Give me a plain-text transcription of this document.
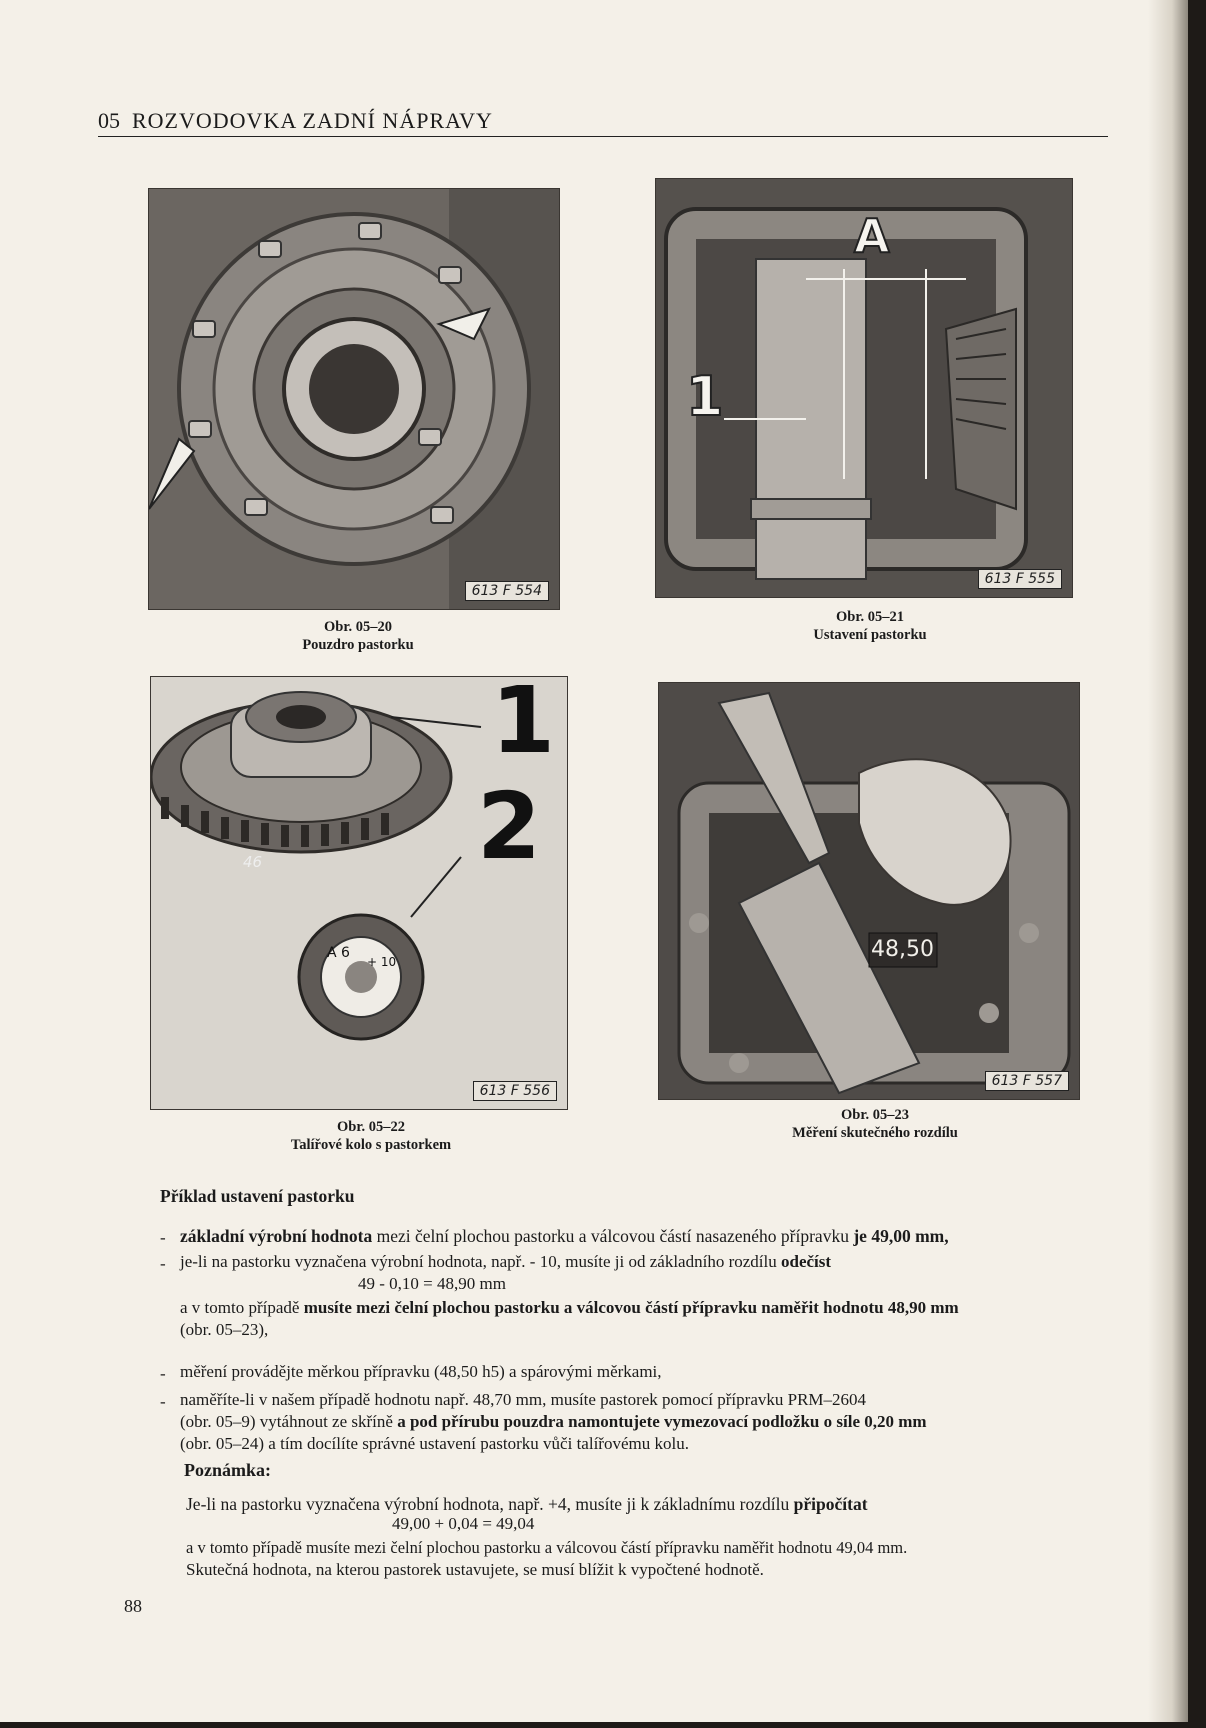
05 ROZVODOVKA ZADNÍ NÁPRAVY
613 F 554
Obr. 05–20
Pouzdro pastorku
A
1
613 F 555
Obr. 05–21
Ustavení pastorku
1
2
46
A 6
+ 10
613 F 556
Obr. 05–22
Talířové kolo s pastorkem
48,50
613 F 557
Obr. 05–23
Měření skutečného rozdílu
Příklad ustavení pastorku
- základní výrobní hodnota mezi čelní plochou pastorku a válcovou částí nasazeného přípravku je 49,00 mm,
- je-li na pastorku vyznačena výrobní hodnota, např. - 10, musíte ji od základního rozdílu odečíst
49 - 0,10 = 48,90 mm
a v tomto případě musíte mezi čelní plochou pastorku a válcovou částí přípravku naměřit hodnotu 48,90 mm
(obr. 05–23),
- měření provádějte měrkou přípravku (48,50 h5) a spárovými měrkami,
- naměříte-li v našem případě hodnotu např. 48,70 mm, musíte pastorek pomocí přípravku PRM–2604
(obr. 05–9) vytáhnout ze skříně a pod přírubu pouzdra namontujete vymezovací podložku o síle 0,20 mm
(obr. 05–24) a tím docílíte správné ustavení pastorku vůči talířovému kolu.
Poznámka:
Je-li na pastorku vyznačena výrobní hodnota, např. +4, musíte ji k základnímu rozdílu připočítat
49,00 + 0,04 = 49,04
a v tomto případě musíte mezi čelní plochou pastorku a válcovou částí přípravku naměřit hodnotu 49,04 mm.
Skutečná hodnota, na kterou pastorek ustavujete, se musí blížit k vypočtené hodnotě.
88
